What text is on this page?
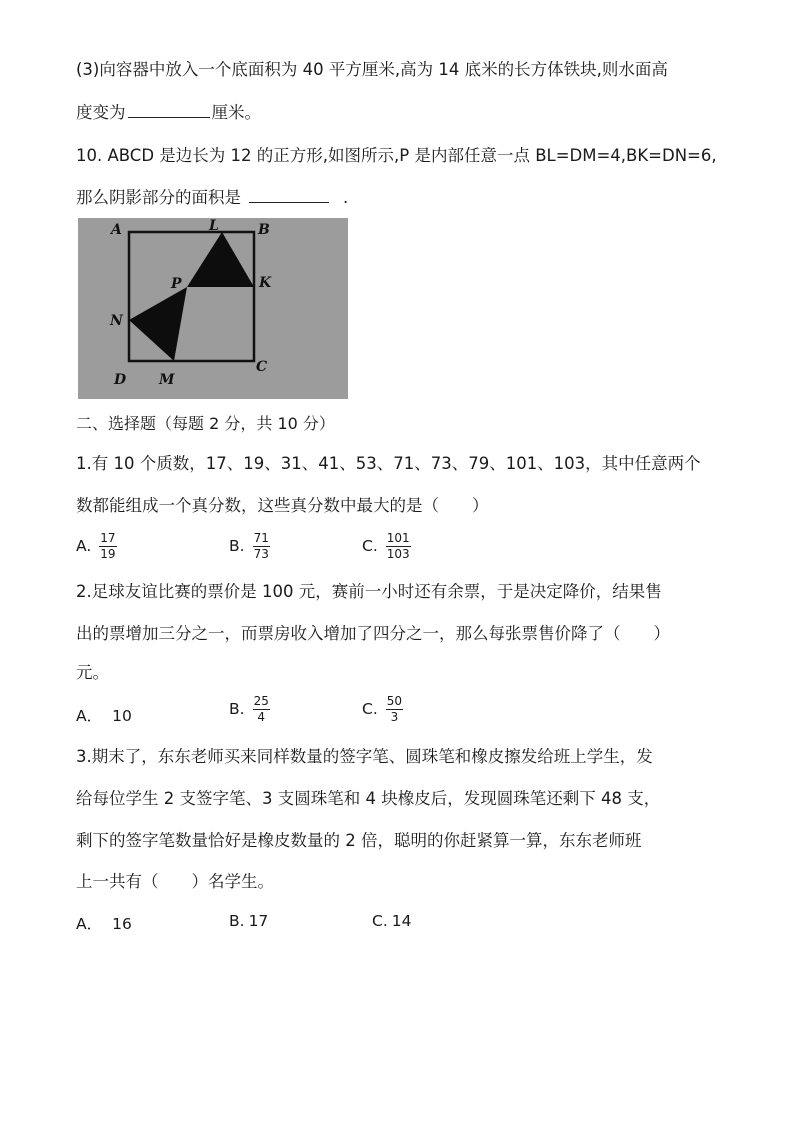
(3)向容器中放入一个底面积为 40 平方厘米,高为 14 底米的长方体铁块,则水面高
度变为	厘米。
10. ABCD 是边长为 12 的正方形,如图所示,P 是内部任意一点 BL=DM=4,BK=DN=6,
那么阴影部分的面积是	.
A	B
C
D
L
K
P
N
M
二、选择题（每题 2 分，共 10 分）
1.有 10 个质数，17、19、31、41、53、71、73、79、101、103，其中任意两个
数都能组成一个真分数，这些真分数中最大的是（　　）
A. $\frac{17}{19}$	B. $\frac{71}{73}$	C. $\frac{101}{103}$
2.足球友谊比赛的票价是 100 元，赛前一小时还有余票，于是决定降价，结果售
出的票增加三分之一，而票房收入增加了四分之一，那么每张票售价降了（　　）
元。
A． 10	B. $\frac{25}{4}$	C. $\frac{50}{3}$
3.期末了，东东老师买来同样数量的签字笔、圆珠笔和橡皮擦发给班上学生，发
给每位学生 2 支签字笔、3 支圆珠笔和 4 块橡皮后，发现圆珠笔还剩下 48 支，
剩下的签字笔数量恰好是橡皮数量的 2 倍，聪明的你赶紧算一算，东东老师班
上一共有（　　）名学生。
A． 16	B. 17	C. 14
